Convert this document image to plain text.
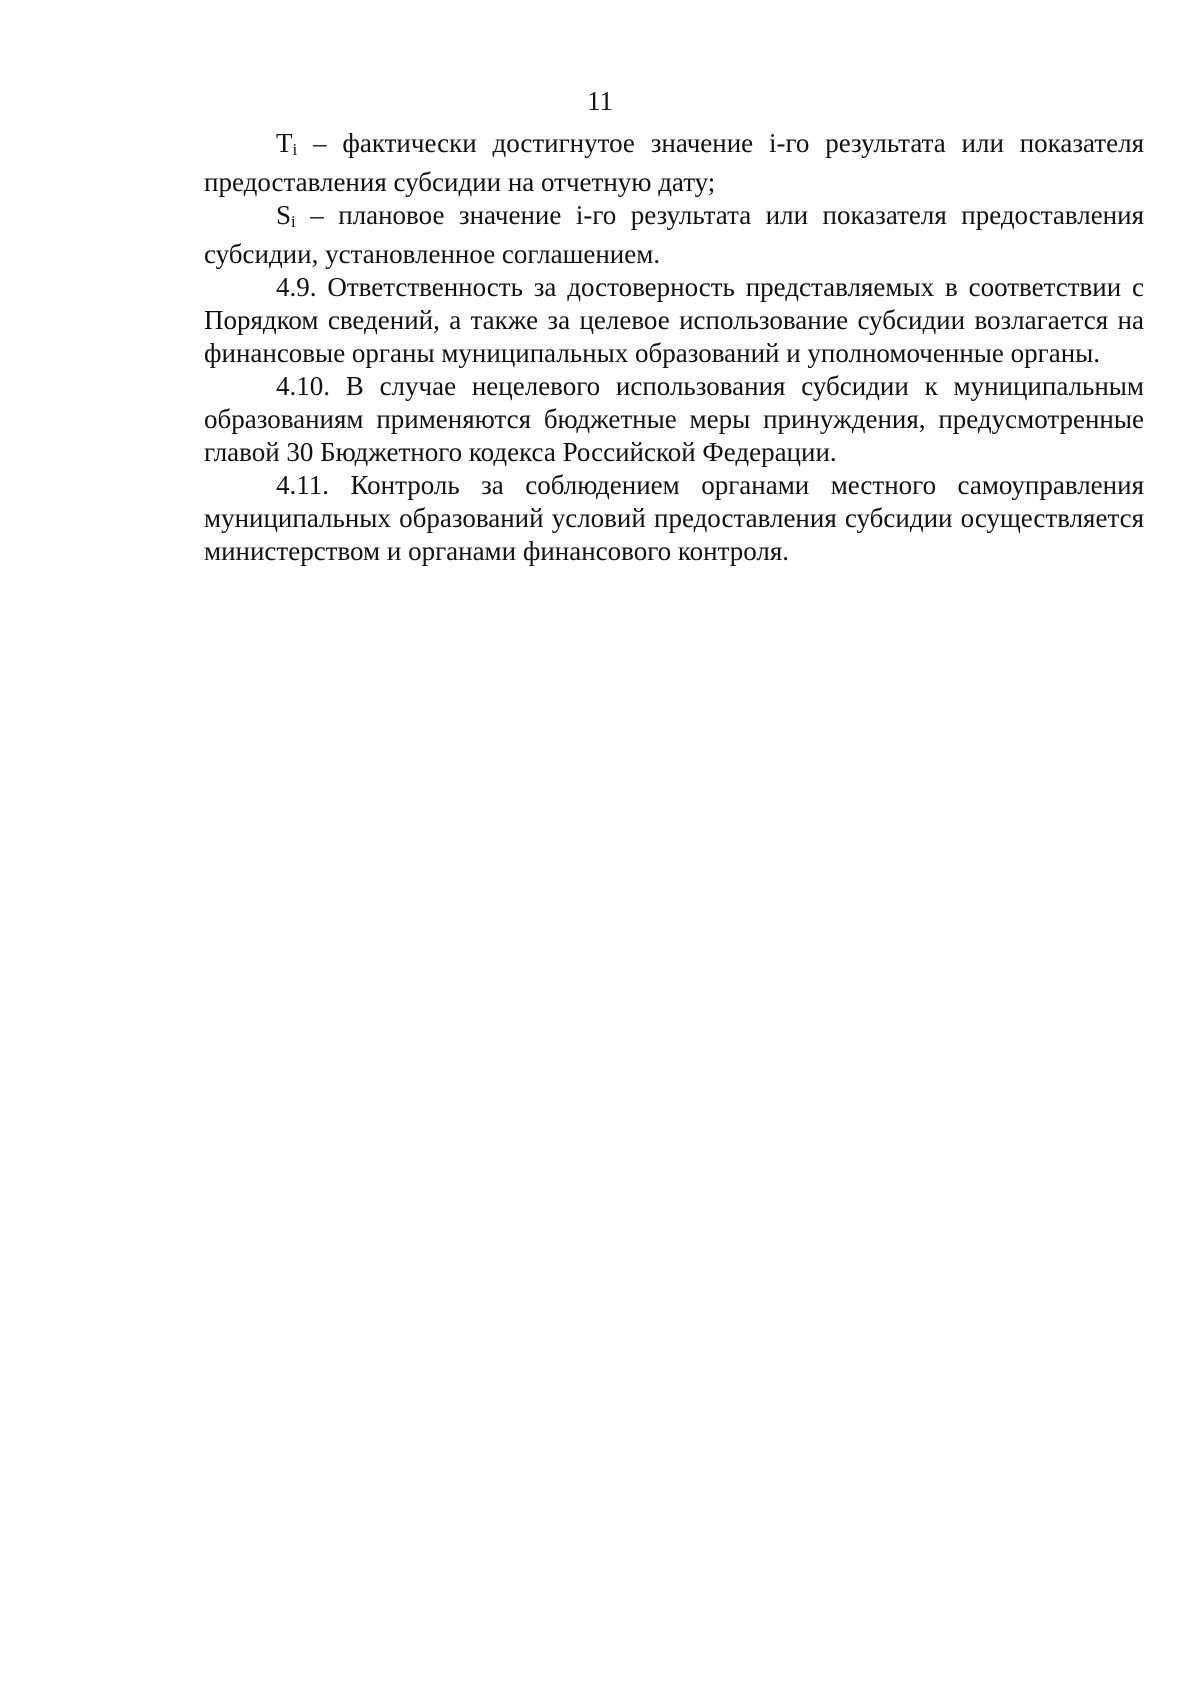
11

$T_i$ – фактически достигнутое значение i-го результата или показателя предоставления субсидии на отчетную дату;

$S_i$ – плановое значение i-го результата или показателя предоставления субсидии, установленное соглашением.

4.9. Ответственность за достоверность представляемых в соответствии с Порядком сведений, а также за целевое использование субсидии возлагается на финансовые органы муниципальных образований и уполномоченные органы.

4.10. В случае нецелевого использования субсидии к муниципальным образованиям применяются бюджетные меры принуждения, предусмотренные главой 30 Бюджетного кодекса Российской Федерации.

4.11. Контроль за соблюдением органами местного самоуправления муниципальных образований условий предоставления субсидии осуществляется министерством и органами финансового контроля.
